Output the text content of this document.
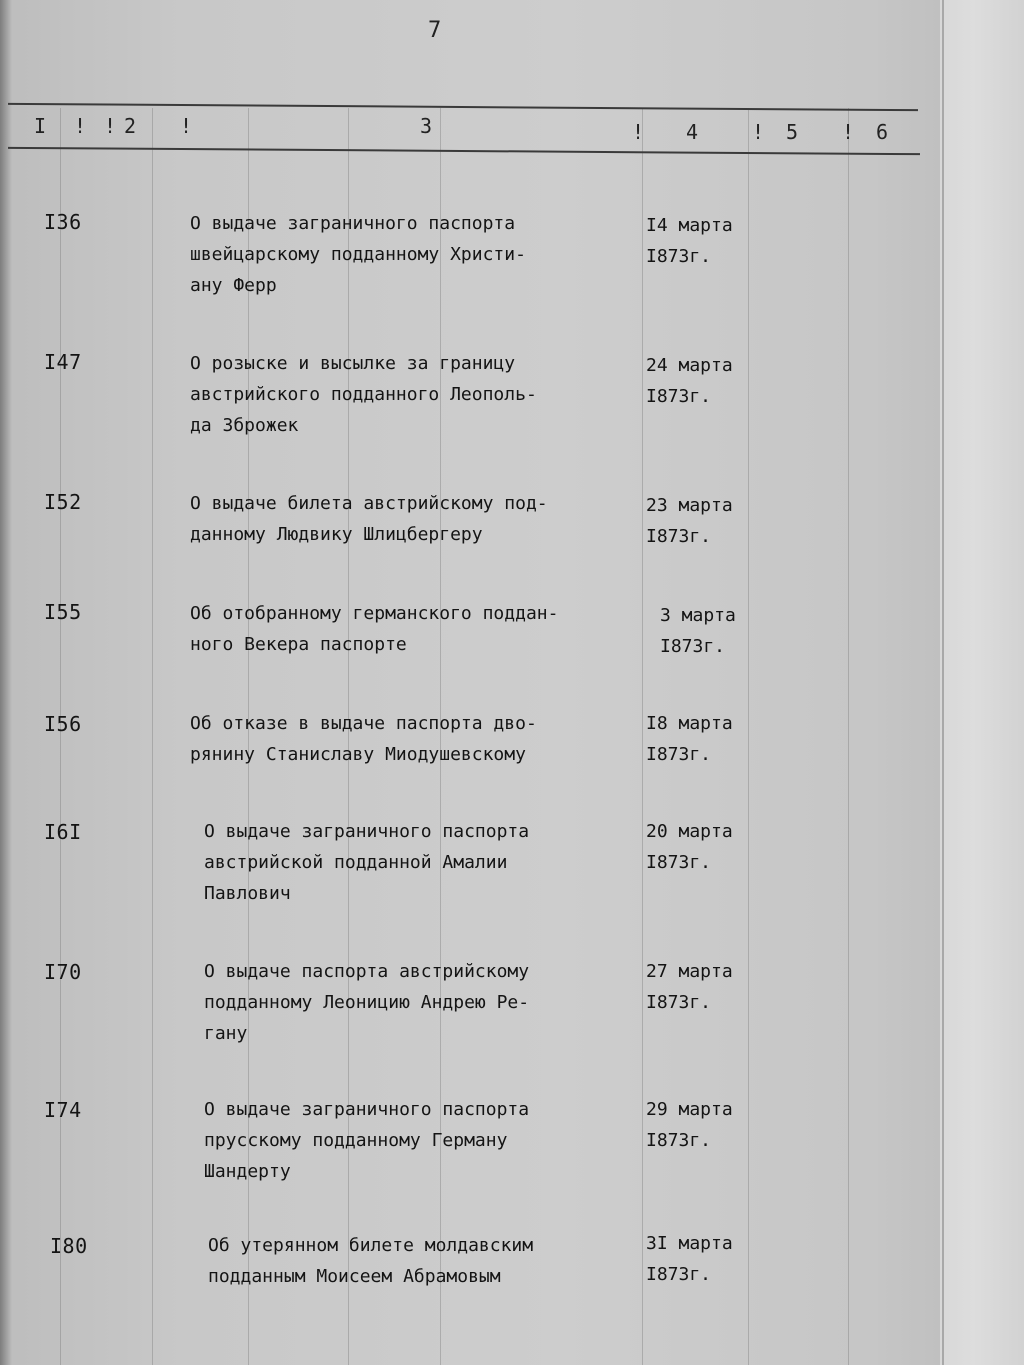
7
I ! ! 2 !	3	! 4	! 5 ! 6
I36	О выдаче заграничного паспорта
швейцарскому подданному Христи-
ану Ферр
I4 марта
I873г.
I47	О розыске и высылке за границу
австрийского подданного Леополь-
да Зброжек
24 марта
I873г.
I52	О выдаче билета австрийскому под-
данному Людвику Шлицбергеру
23 марта
I873г.
I55	Об отобранному германского поддан-
ного Векера паспорте
3 марта
I873г.
I56	Об отказе в выдаче паспорта дво-
рянину Станиславу Миодушевскому
I8 марта
I873г.
I6I	О выдаче заграничного паспорта
австрийской подданной Амалии
Павлович
20 марта
I873г.
I70	О выдаче паспорта австрийскому
подданному Леоницию Андрею Ре-
гану
27 марта
I873г.
I74	О выдаче заграничного паспорта
прусскому подданному Герману
Шандерту
29 марта
I873г.
I80	Об утерянном билете молдавским
подданным Моисеем Абрамовым
3I марта
I873г.
